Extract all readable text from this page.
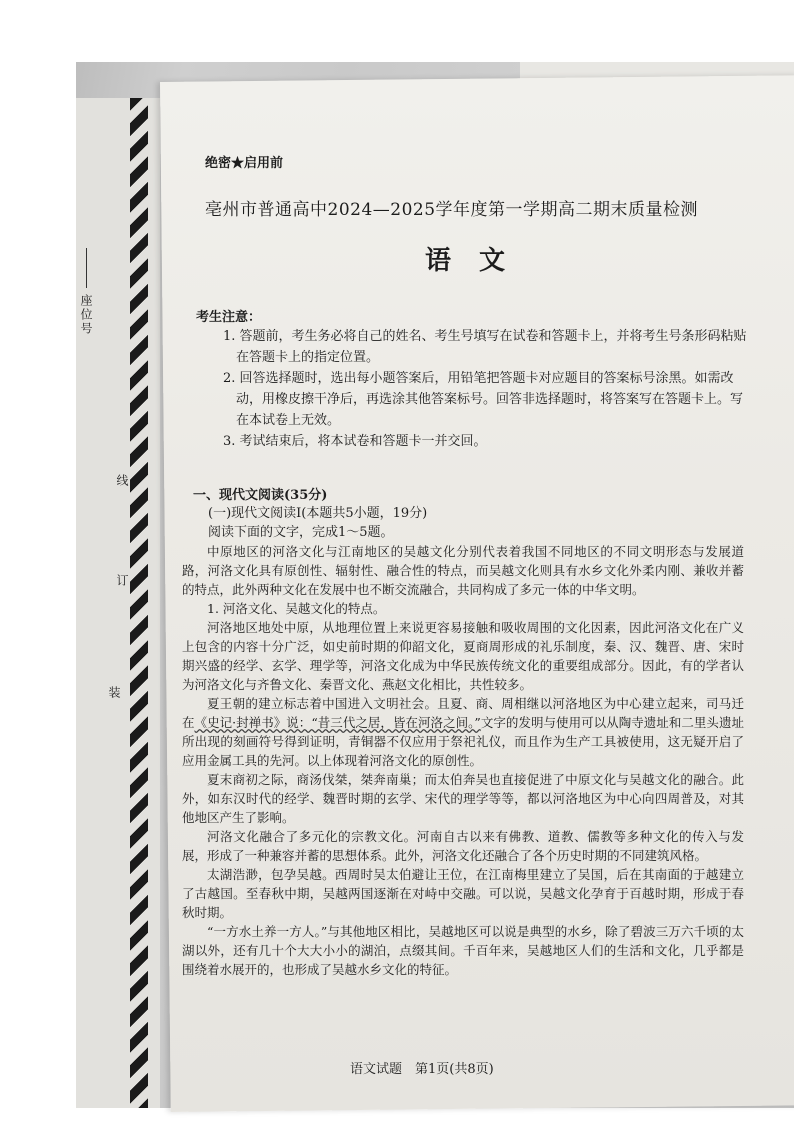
座位号
线
订
装
绝密★启用前
亳州市普通高中2024—2025学年度第一学期高二期末质量检测
语文
考生注意：

1. 答题前，考生务必将自己的姓名、考生号填写在试卷和答题卡上，并将考生号条形码粘贴在答题卡上的指定位置。

2. 回答选择题时，选出每小题答案后，用铅笔把答题卡对应题目的答案标号涂黑。如需改动，用橡皮擦干净后，再选涂其他答案标号。回答非选择题时，将答案写在答题卡上。写在本试卷上无效。

3. 考试结束后，将本试卷和答题卡一并交回。

一、现代文阅读(35分)
(一)现代文阅读Ⅰ(本题共5小题，19分)
阅读下面的文字，完成1～5题。

中原地区的河洛文化与江南地区的吴越文化分别代表着我国不同地区的不同文明形态与发展道路，河洛文化具有原创性、辐射性、融合性的特点，而吴越文化则具有水乡文化外柔内刚、兼收并蓄的特点，此外两种文化在发展中也不断交流融合，共同构成了多元一体的中华文明。

1. 河洛文化、吴越文化的特点。

河洛地区地处中原，从地理位置上来说更容易接触和吸收周围的文化因素，因此河洛文化在广义上包含的内容十分广泛，如史前时期的仰韶文化，夏商周形成的礼乐制度，秦、汉、魏晋、唐、宋时期兴盛的经学、玄学、理学等，河洛文化成为中华民族传统文化的重要组成部分。因此，有的学者认为河洛文化与齐鲁文化、秦晋文化、燕赵文化相比，共性较多。

夏王朝的建立标志着中国进入文明社会。且夏、商、周相继以河洛地区为中心建立起来，司马迁在《史记·封禅书》说：“昔三代之居，皆在河洛之间。”文字的发明与使用可以从陶寺遗址和二里头遗址所出现的刻画符号得到证明，青铜器不仅应用于祭祀礼仪，而且作为生产工具被使用，这无疑开启了应用金属工具的先河。以上体现着河洛文化的原创性。

夏末商初之际，商汤伐桀，桀奔南巢；而太伯奔吴也直接促进了中原文化与吴越文化的融合。此外，如东汉时代的经学、魏晋时期的玄学、宋代的理学等等，都以河洛地区为中心向四周普及，对其他地区产生了影响。

河洛文化融合了多元化的宗教文化。河南自古以来有佛教、道教、儒教等多种文化的传入与发展，形成了一种兼容并蓄的思想体系。此外，河洛文化还融合了各个历史时期的不同建筑风格。

太湖浩渺，包孕吴越。西周时吴太伯避让王位，在江南梅里建立了吴国，后在其南面的于越建立了古越国。至春秋中期，吴越两国逐渐在对峙中交融。可以说，吴越文化孕育于百越时期，形成于春秋时期。

“一方水土养一方人。”与其他地区相比，吴越地区可以说是典型的水乡，除了碧波三万六千顷的太湖以外，还有几十个大大小小的湖泊，点缀其间。千百年来，吴越地区人们的生活和文化，几乎都是围绕着水展开的，也形成了吴越水乡文化的特征。

语文试题　第1页(共8页)
